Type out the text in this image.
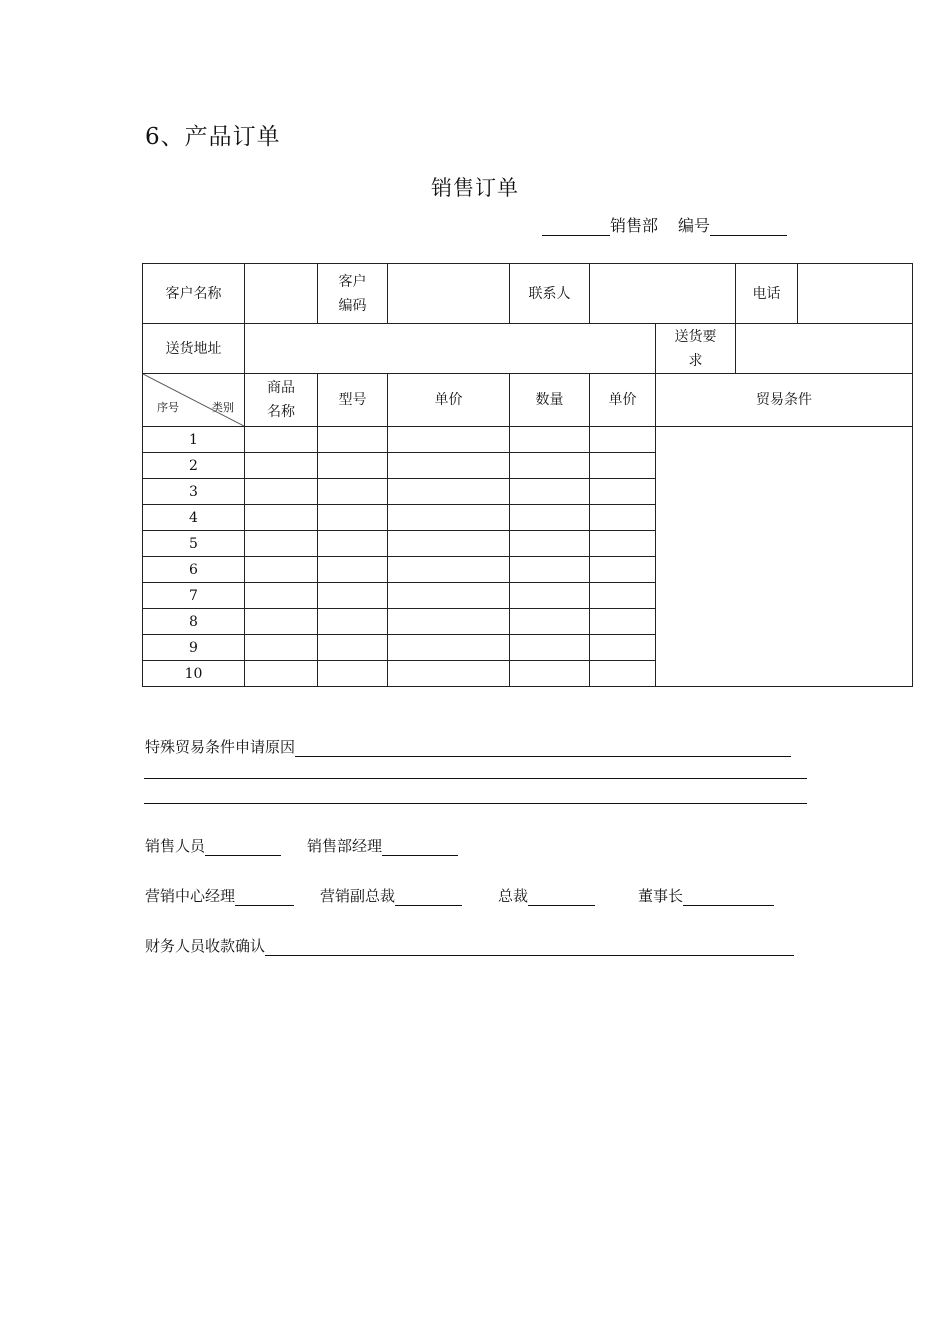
6、产品订单
销售订单
销售部 编号
客户名称		客户编码		联系人			电话	
送货地址						送货要求		

序号 类别	商品名称	型号	单价	数量	单价	贸易条件		
1								
2								
3								
4								
5								
6								
7								
8								
9								
10								
特殊贸易条件申请原因
销售人员	销售部经理
营销中心经理	营销副总裁	总裁	董事长
财务人员收款确认
